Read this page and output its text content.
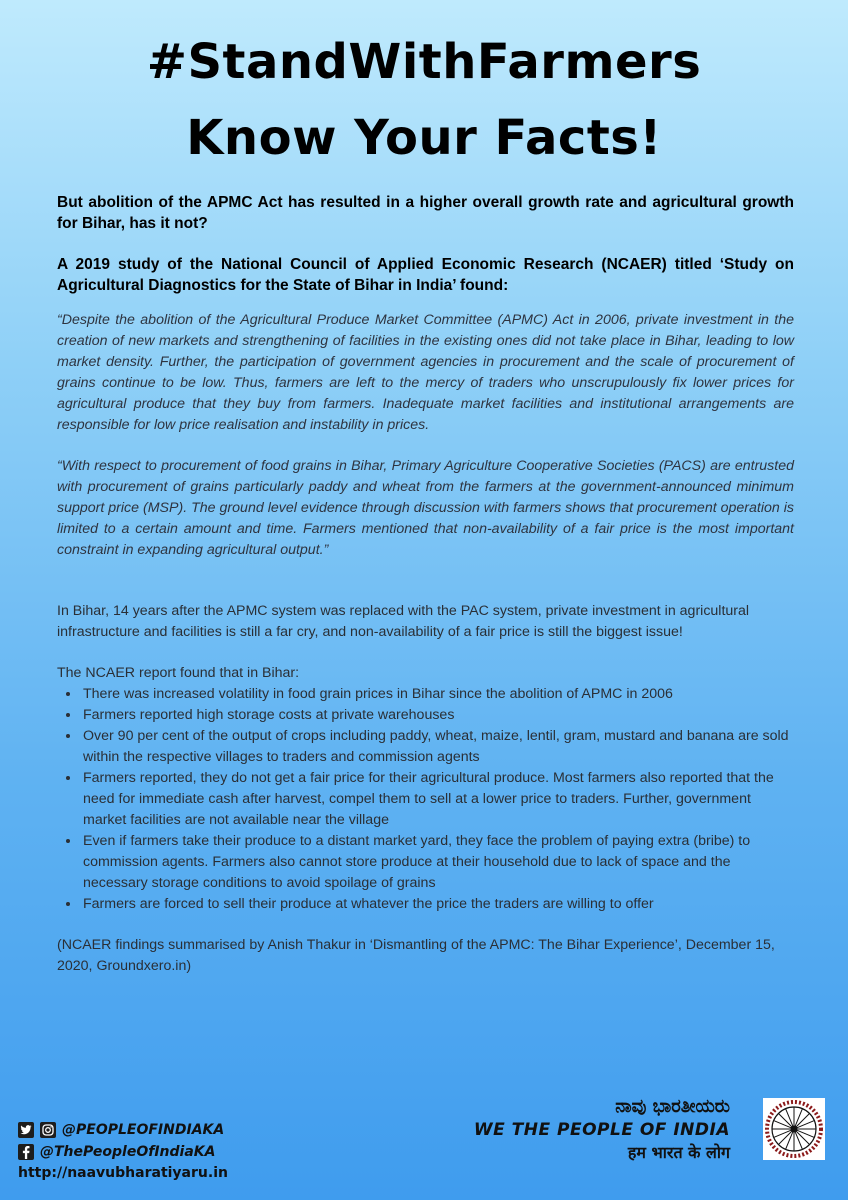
#StandWithFarmers
Know Your Facts!

But abolition of the APMC Act has resulted in a higher overall growth rate and agricultural growth for Bihar, has it not?

A 2019 study of the National Council of Applied Economic Research (NCAER) titled ‘Study on Agricultural Diagnostics for the State of Bihar in India’ found:

“Despite the abolition of the Agricultural Produce Market Committee (APMC) Act in 2006, private investment in the creation of new markets and strengthening of facilities in the existing ones did not take place in Bihar, leading to low market density. Further, the participation of government agencies in procurement and the scale of procurement of grains continue to be low. Thus, farmers are left to the mercy of traders who unscrupulously fix lower prices for agricultural produce that they buy from farmers. Inadequate market facilities and institutional arrangements are responsible for low price realisation and instability in prices.

“With respect to procurement of food grains in Bihar, Primary Agriculture Cooperative Societies (PACS) are entrusted with procurement of grains particularly paddy and wheat from the farmers at the government-announced minimum support price (MSP). The ground level evidence through discussion with farmers shows that procurement operation is limited to a certain amount and time. Farmers mentioned that non-availability of a fair price is the most important constraint in expanding agricultural output.”

In Bihar, 14 years after the APMC system was replaced with the PAC system, private investment in agricultural infrastructure and facilities is still a far cry, and non-availability of a fair price is still the biggest issue!

The NCAER report found that in Bihar:

• There was increased volatility in food grain prices in Bihar since the abolition of APMC in 2006
• Farmers reported high storage costs at private warehouses
• Over 90 per cent of the output of crops including paddy, wheat, maize, lentil, gram, mustard and banana are sold within the respective villages to traders and commission agents
• Farmers reported, they do not get a fair price for their agricultural produce. Most farmers also reported that the need for immediate cash after harvest, compel them to sell at a lower price to traders. Further, government market facilities are not available near the village
• Even if farmers take their produce to a distant market yard, they face the problem of paying extra (bribe) to commission agents. Farmers also cannot store produce at their household due to lack of space and the necessary storage conditions to avoid spoilage of grains
• Farmers are forced to sell their produce at whatever the price the traders are willing to offer

(NCAER findings summarised by Anish Thakur in ‘Dismantling of the APMC: The Bihar Experience’, December 15, 2020, Groundxero.in)

@PEOPLEOFINDIAKA
@ThePeopleOfIndiaKA
http://naavubharatiyaru.in
ನಾವು ಭಾರತೀಯರು
WE THE PEOPLE OF INDIA
हम भारत के लोग
